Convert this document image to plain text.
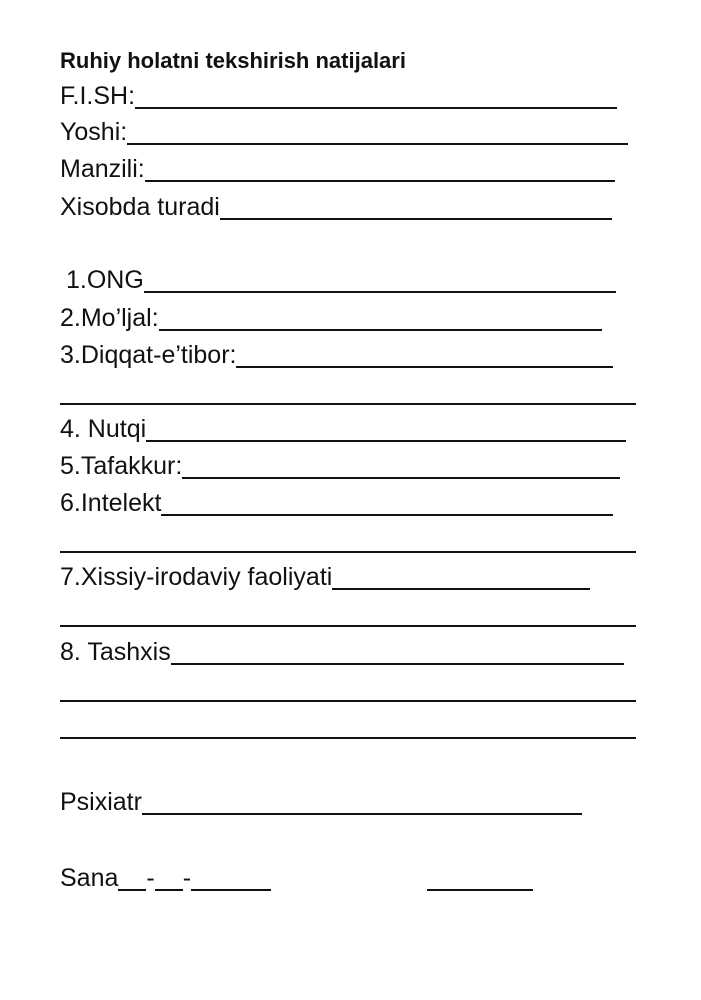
Ruhiy holatni tekshirish natijalari
F.I.SH:
Yoshi:
Manzili:
Xisobda turadi
1.ONG
2.Mo’ljal:
3.Diqqat-e’tibor:
4. Nutqi
5.Tafakkur:
6.Intelekt
7.Xissiy-irodaviy faoliyati
8. Tashxis
Psixiatr
Sana - -
